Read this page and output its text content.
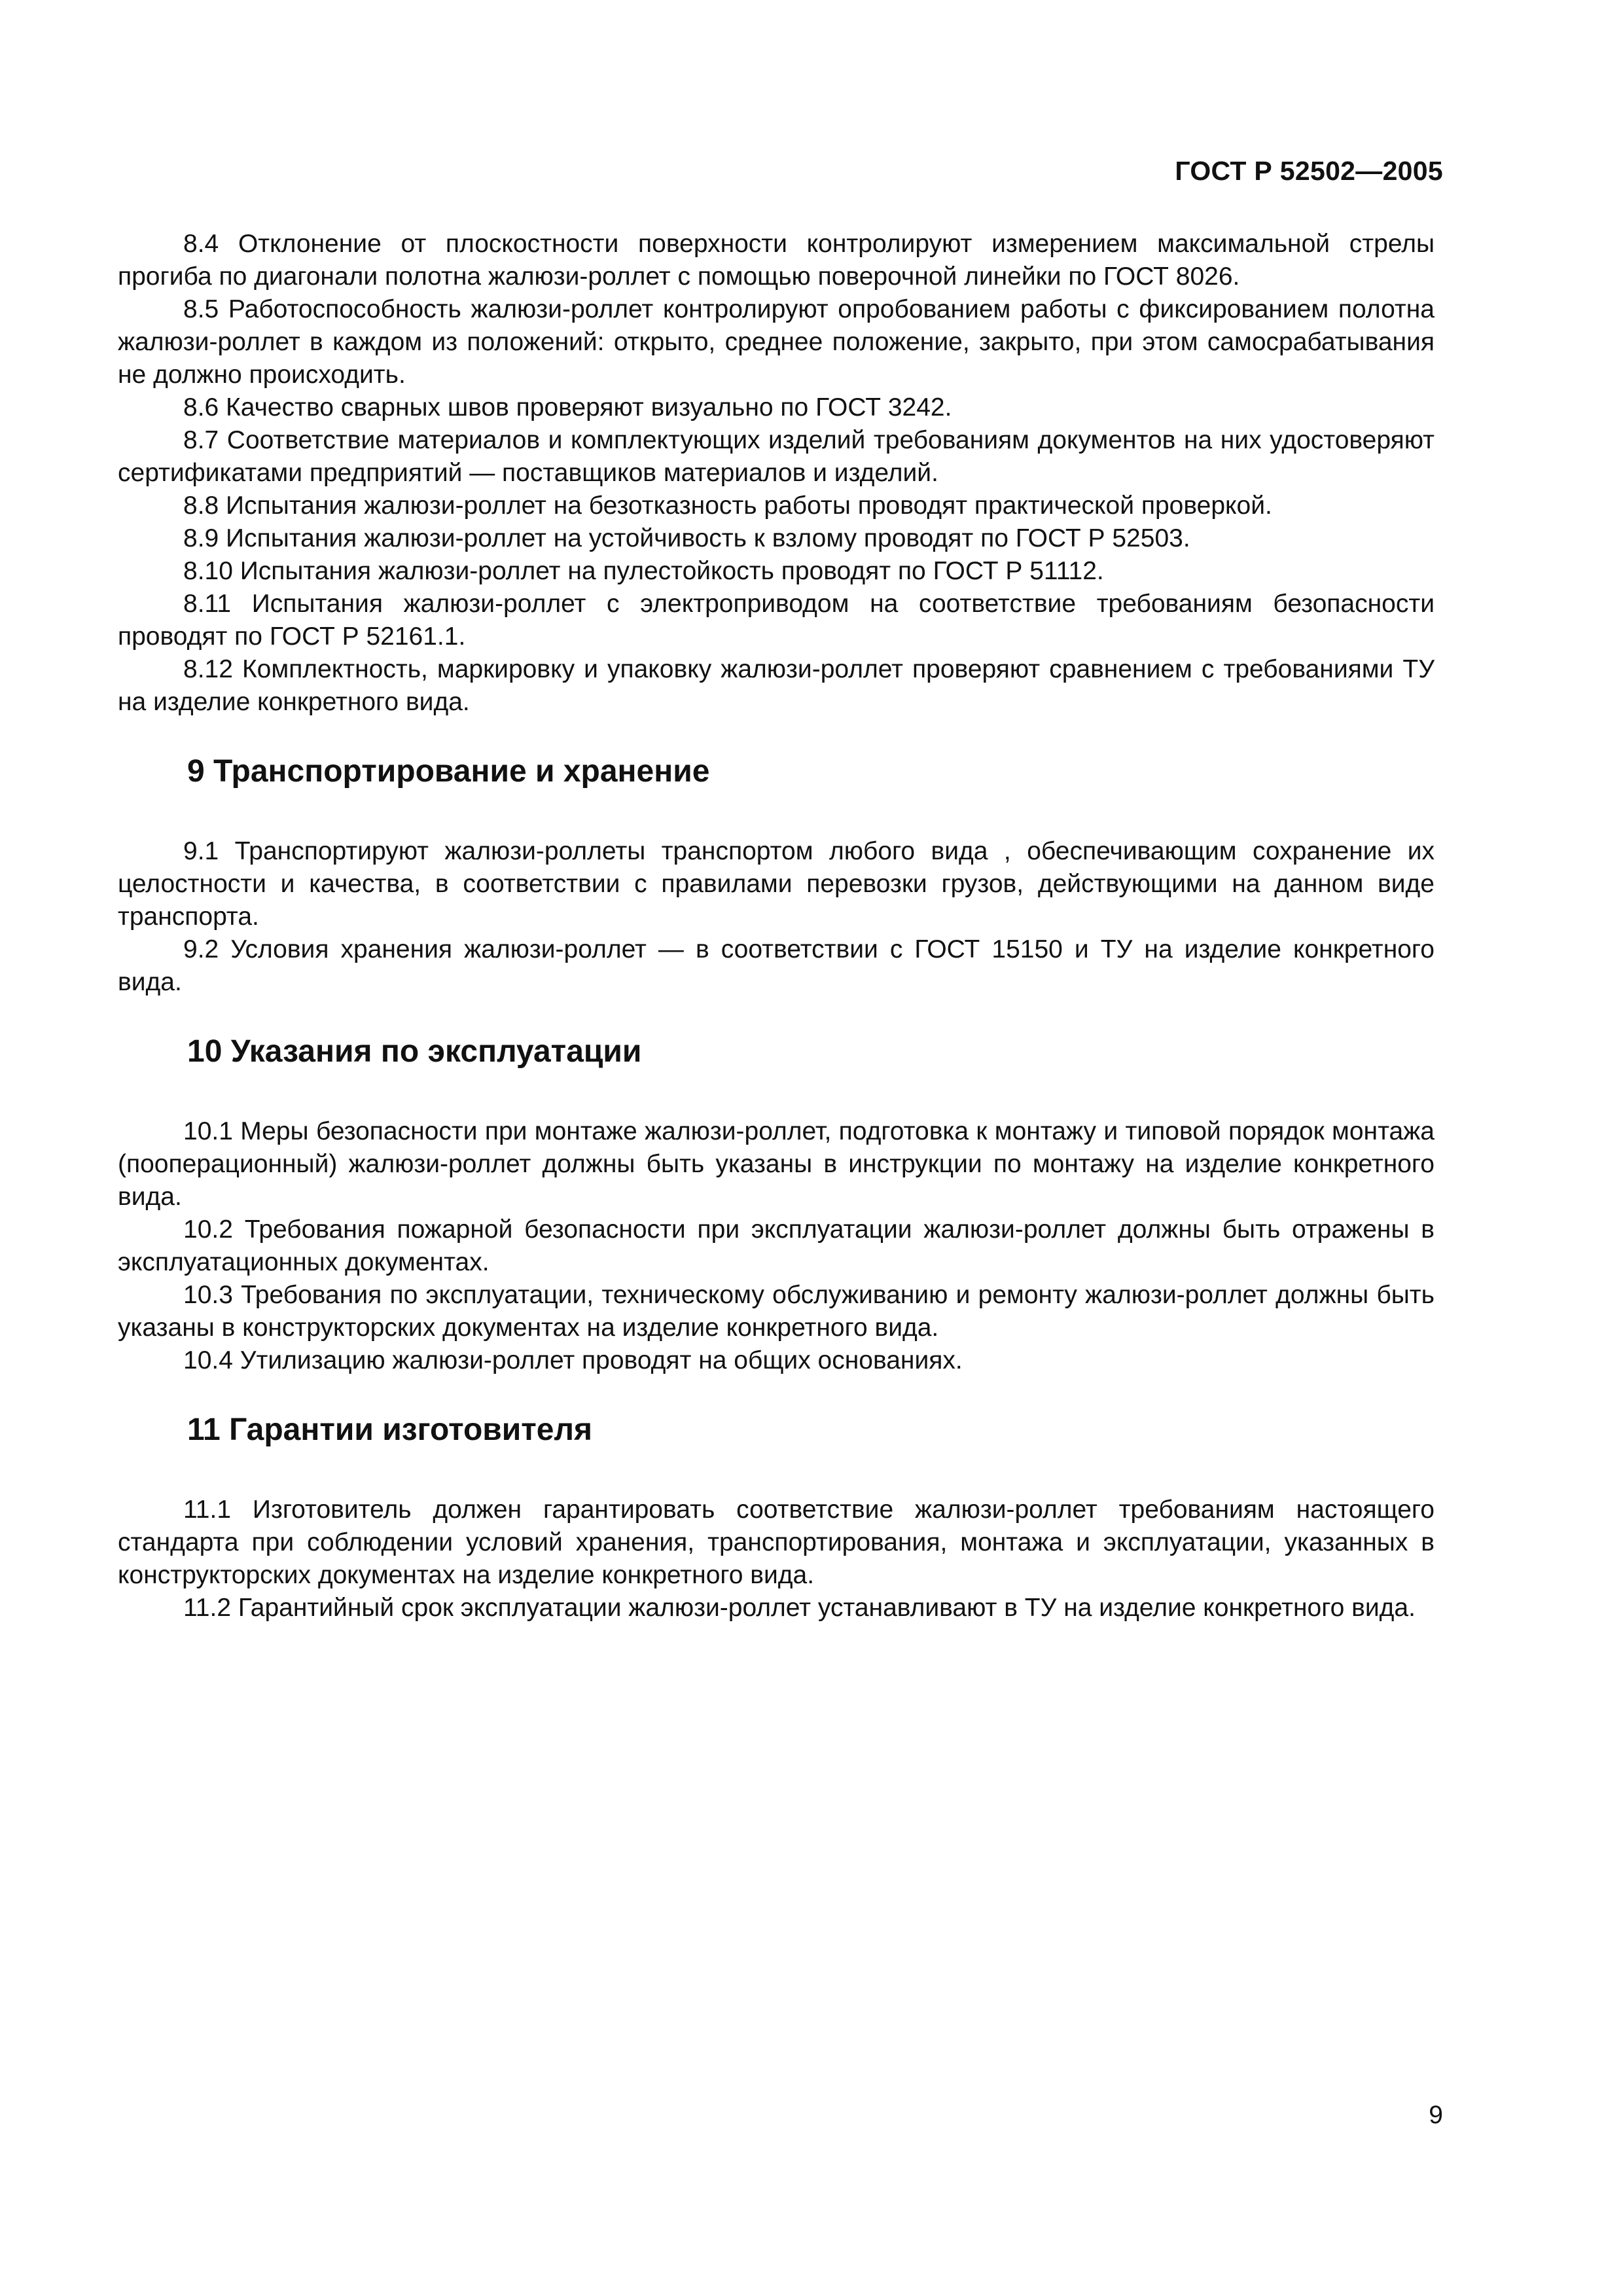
ГОСТ Р 52502—2005

8.4 Отклонение от плоскостности поверхности контролируют измерением максимальной стрелы прогиба по диагонали полотна жалюзи-роллет с помощью поверочной линейки по ГОСТ 8026.

8.5 Работоспособность жалюзи-роллет контролируют опробованием работы с фиксированием полотна жалюзи-роллет в каждом из положений: открыто, среднее положение, закрыто, при этом самосрабатывания не должно происходить.

8.6 Качество сварных швов проверяют визуально по ГОСТ 3242.

8.7 Соответствие материалов и комплектующих изделий требованиям документов на них удостоверяют сертификатами предприятий — поставщиков материалов и изделий.

8.8 Испытания жалюзи-роллет на безотказность работы проводят практической проверкой.

8.9 Испытания жалюзи-роллет на устойчивость к взлому проводят по ГОСТ Р 52503.

8.10 Испытания жалюзи-роллет на пулестойкость проводят по ГОСТ Р 51112.

8.11 Испытания жалюзи-роллет с электроприводом на соответствие требованиям безопасности проводят по ГОСТ Р 52161.1.

8.12 Комплектность, маркировку и упаковку жалюзи-роллет проверяют сравнением с требованиями ТУ на изделие конкретного вида.

9 Транспортирование и хранение

9.1 Транспортируют жалюзи-роллеты транспортом любого вида , обеспечивающим сохранение их целостности и качества, в соответствии с правилами перевозки грузов, действующими на данном виде транспорта.

9.2 Условия хранения жалюзи-роллет — в соответствии с ГОСТ 15150 и ТУ на изделие конкретного вида.

10 Указания по эксплуатации

10.1 Меры безопасности при монтаже жалюзи-роллет, подготовка к монтажу и типовой порядок монтажа (пооперационный) жалюзи-роллет должны быть указаны в инструкции по монтажу на изделие конкретного вида.

10.2 Требования пожарной безопасности при эксплуатации жалюзи-роллет должны быть отражены в эксплуатационных документах.

10.3 Требования по эксплуатации, техническому обслуживанию и ремонту жалюзи-роллет должны быть указаны в конструкторских документах на изделие конкретного вида.

10.4 Утилизацию жалюзи-роллет проводят на общих основаниях.

11 Гарантии изготовителя

11.1 Изготовитель должен гарантировать соответствие жалюзи-роллет требованиям настоящего стандарта при соблюдении условий хранения, транспортирования, монтажа и эксплуатации, указанных в конструкторских документах на изделие конкретного вида.

11.2 Гарантийный срок эксплуатации жалюзи-роллет устанавливают в ТУ на изделие конкретного вида.

9
